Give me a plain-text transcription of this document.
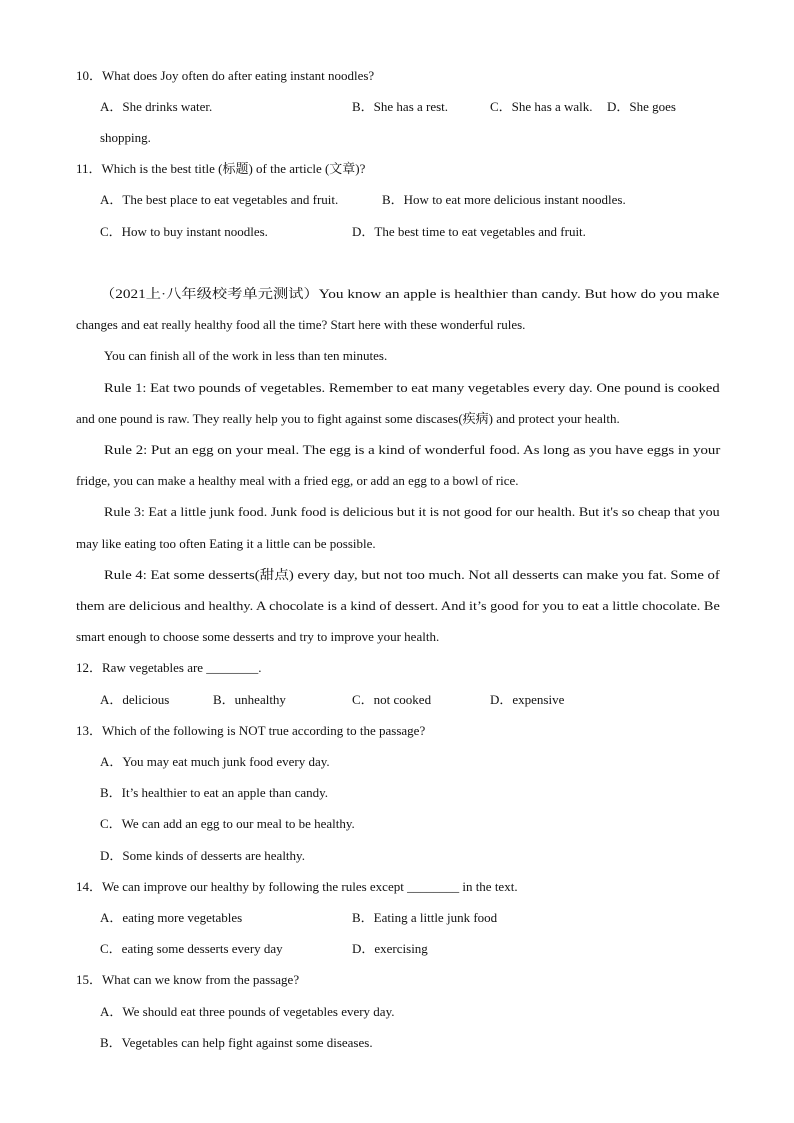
10．What does Joy often do after eating instant noodles?
A．She drinks water.	B．She has a rest.	C．She has a walk. D．She goes
shopping.
11．Which is the best title (标题) of the article (文章)?
A．The best place to eat vegetables and fruit.	B．How to eat more delicious instant noodles.
C．How to buy instant noodles.	D．The best time to eat vegetables and fruit.
（2021上·八年级校考单元测试）You know an apple is healthier than candy. But how do you make
changes and eat really healthy food all the time? Start here with these wonderful rules.
You can finish all of the work in less than ten minutes.
Rule 1: Eat two pounds of vegetables. Remember to eat many vegetables every day. One pound is cooked
and one pound is raw. They really help you to fight against some discases(疾病) and protect your health.
Rule 2: Put an egg on your meal. The egg is a kind of wonderful food. As long as you have eggs in your
fridge, you can make a healthy meal with a fried egg, or add an egg to a bowl of rice.
Rule 3: Eat a little junk food. Junk food is delicious but it is not good for our health. But it's so cheap that you
may like eating too often Eating it a little can be possible.
Rule 4: Eat some desserts(甜点) every day, but not too much. Not all desserts can make you fat. Some of
them are delicious and healthy. A chocolate is a kind of dessert. And it’s good for you to eat a little chocolate. Be
smart enough to choose some desserts and try to improve your health.
12．Raw vegetables are ________.
A．delicious	B．unhealthy	C．not cooked	D．expensive
13．Which of the following is NOT true according to the passage?
A．You may eat much junk food every day.
B．It’s healthier to eat an apple than candy.
C．We can add an egg to our meal to be healthy.
D．Some kinds of desserts are healthy.
14．We can improve our healthy by following the rules except ________ in the text.
A．eating more vegetables	B．Eating a little junk food
C．eating some desserts every day	D．exercising
15．What can we know from the passage?
A．We should eat three pounds of vegetables every day.
B．Vegetables can help fight against some diseases.
